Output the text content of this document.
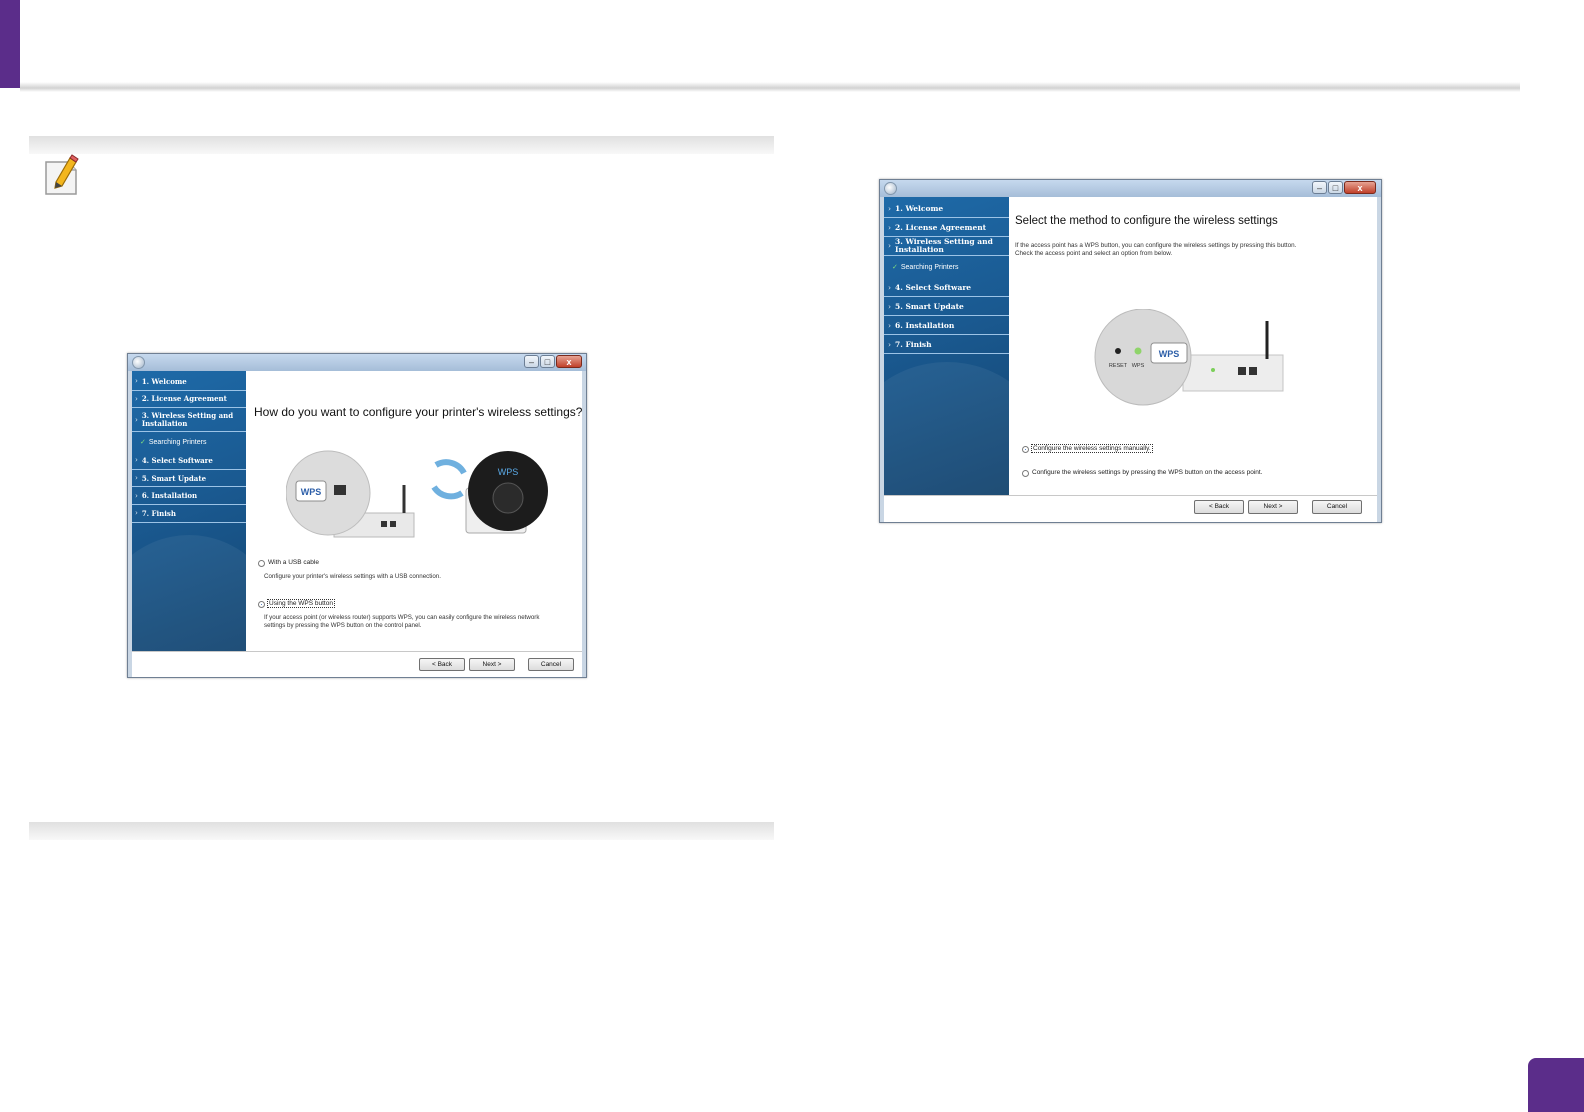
–	□	x
› 1. Welcome
› 2. License Agreement
› 3. Wireless Setting and Installation
✓ Searching Printers
› 4. Select Software
› 5. Smart Update
› 6. Installation
› 7. Finish
How do you want to configure your printer's wireless settings?
WPS
WPS
With a USB cable
Configure your printer's wireless settings with a USB connection.
Using the WPS button
If your access point (or wireless router) supports WPS, you can easily configure the wireless network
settings by pressing the WPS button on the control panel.
< Back	Next >	Cancel
–	□	x
› 1. Welcome
› 2. License Agreement
› 3. Wireless Setting and Installation
✓ Searching Printers
› 4. Select Software
› 5. Smart Update
› 6. Installation
› 7. Finish
Select the method to configure the wireless settings
If the access point has a WPS button, you can configure the wireless settings by pressing this button.
Check the access point and select an option from below.
RESET WPS
WPS
Configure the wireless settings manually.
Configure the wireless settings by pressing the WPS button on the access point.
< Back	Next >	Cancel
